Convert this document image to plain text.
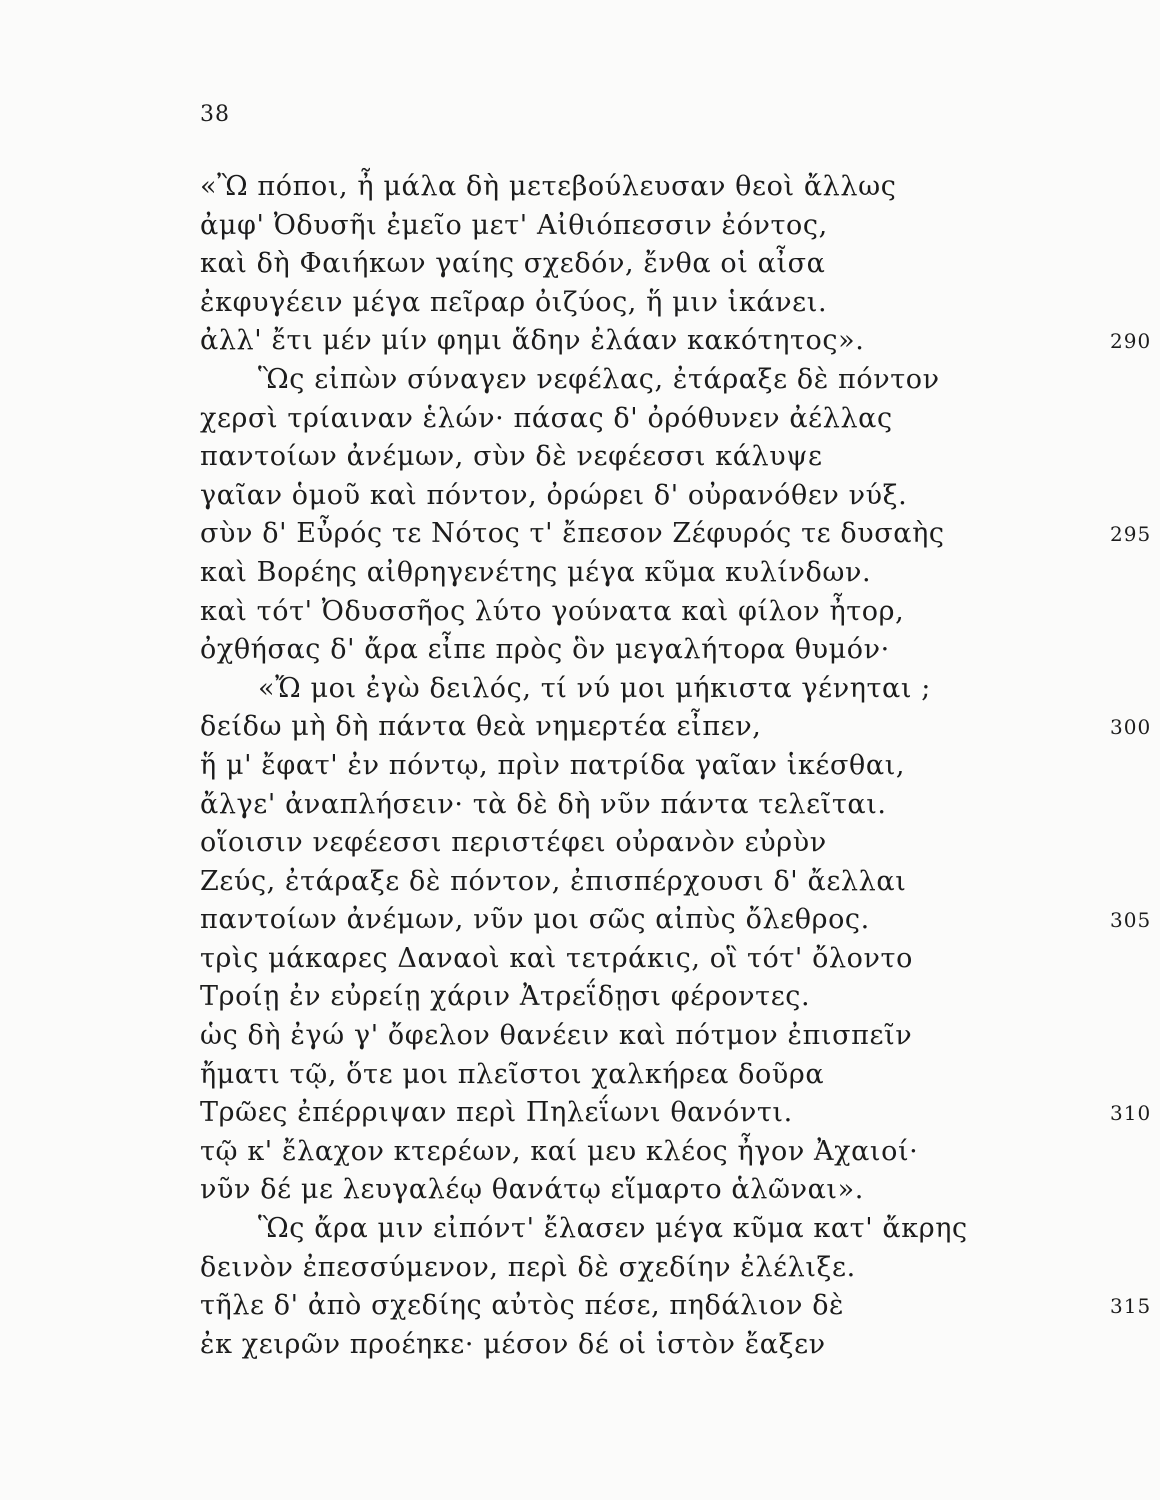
38
«Ὢ πόποι, ἦ μάλα δὴ μετεβούλευσαν θεοὶ ἄλλως
ἀμφ' Ὀδυσῆι ἐμεῖο μετ' Αἰθιόπεσσιν ἐόντος,
καὶ δὴ Φαιήκων γαίης σχεδόν, ἔνθα οἱ αἶσα
ἐκφυγέειν μέγα πεῖραρ ὀιζύος, ἥ μιν ἱκάνει.
ἀλλ' ἔτι μέν μίν φημι ἅδην ἐλάαν κακότητος».	290
Ὣς εἰπὼν σύναγεν νεφέλας, ἐτάραξε δὲ πόντον
χερσὶ τρίαιναν ἑλών· πάσας δ' ὀρόθυνεν ἀέλλας
παντοίων ἀνέμων, σὺν δὲ νεφέεσσι κάλυψε
γαῖαν ὁμοῦ καὶ πόντον, ὀρώρει δ' οὐρανόθεν νύξ.
σὺν δ' Εὖρός τε Νότος τ' ἔπεσον Ζέφυρός τε δυσαὴς	295
καὶ Βορέης αἰθρηγενέτης μέγα κῦμα κυλίνδων.
καὶ τότ' Ὀδυσσῆος λύτο γούνατα καὶ φίλον ἦτορ,
ὀχθήσας δ' ἄρα εἶπε πρὸς ὃν μεγαλήτορα θυμόν·
«Ὤ μοι ἐγὼ δειλός, τί νύ μοι μήκιστα γένηται ;
δείδω μὴ δὴ πάντα θεὰ νημερτέα εἶπεν,	300
ἥ μ' ἔφατ' ἐν πόντῳ, πρὶν πατρίδα γαῖαν ἱκέσθαι,
ἄλγε' ἀναπλήσειν· τὰ δὲ δὴ νῦν πάντα τελεῖται.
οἵοισιν νεφέεσσι περιστέφει οὐρανὸν εὐρὺν
Ζεύς, ἐτάραξε δὲ πόντον, ἐπισπέρχουσι δ' ἄελλαι
παντοίων ἀνέμων, νῦν μοι σῶς αἰπὺς ὄλεθρος.	305
τρὶς μάκαρες Δαναοὶ καὶ τετράκις, οἳ τότ' ὄλοντο
Τροίῃ ἐν εὐρείῃ χάριν Ἀτρεΐδῃσι φέροντες.
ὡς δὴ ἐγώ γ' ὄφελον θανέειν καὶ πότμον ἐπισπεῖν
ἤματι τῷ, ὅτε μοι πλεῖστοι χαλκήρεα δοῦρα
Τρῶες ἐπέρριψαν περὶ Πηλεΐωνι θανόντι.	310
τῷ κ' ἔλαχον κτερέων, καί μευ κλέος ἦγον Ἀχαιοί·
νῦν δέ με λευγαλέῳ θανάτῳ εἵμαρτο ἁλῶναι».
Ὣς ἄρα μιν εἰπόντ' ἔλασεν μέγα κῦμα κατ' ἄκρης
δεινὸν ἐπεσσύμενον, περὶ δὲ σχεδίην ἐλέλιξε.
τῆλε δ' ἀπὸ σχεδίης αὐτὸς πέσε, πηδάλιον δὲ	315
ἐκ χειρῶν προέηκε· μέσον δέ οἱ ἱστὸν ἔαξεν
